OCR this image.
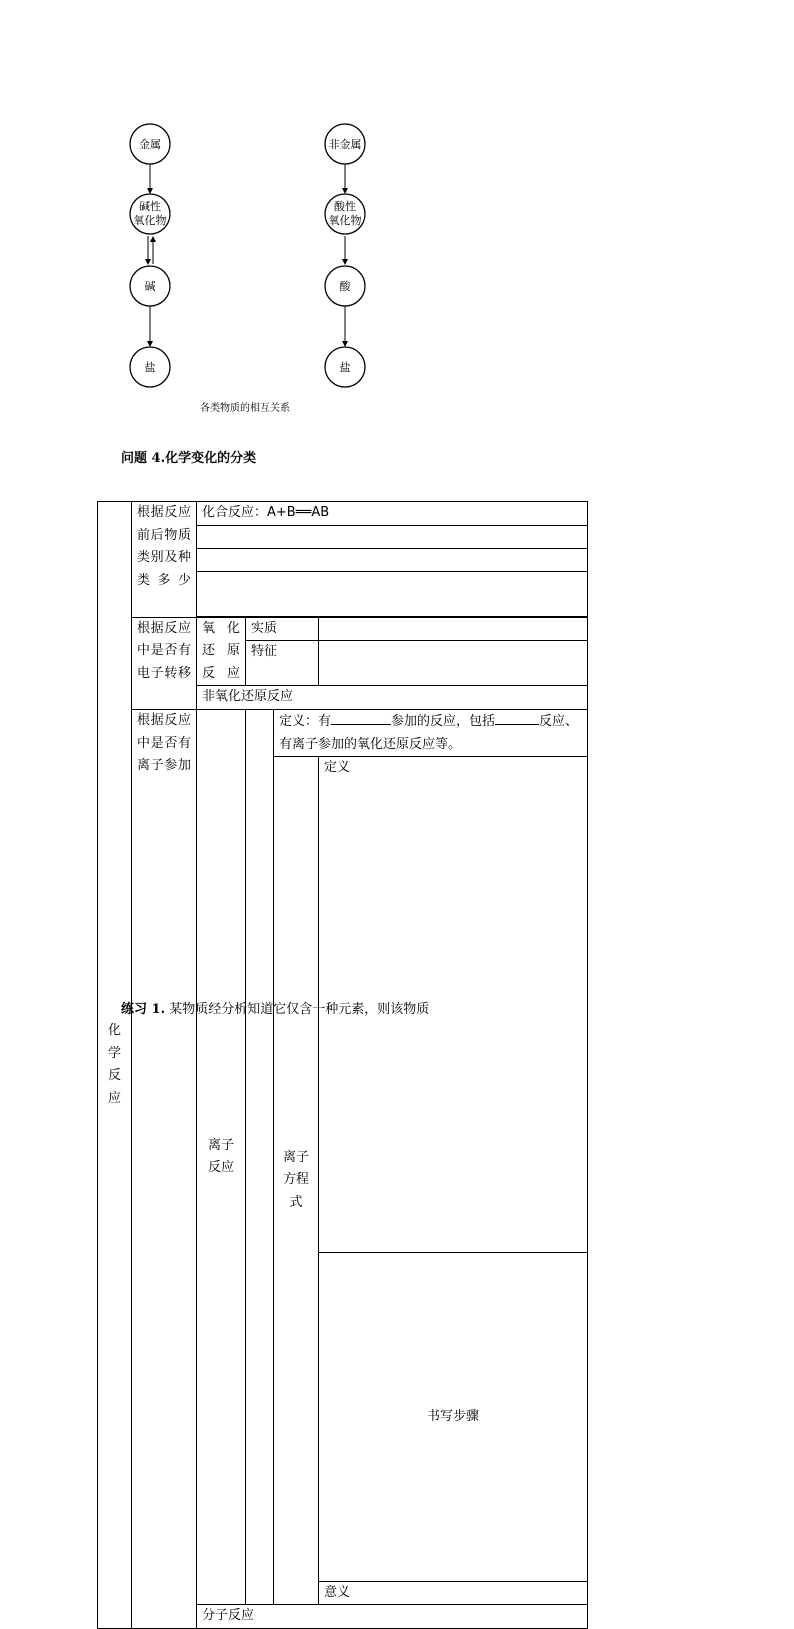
金属
碱性
氧化物
碱
盐
非金属
酸性
氧化物
酸
盐
各类物质的相互关系
问题 4.化学变化的分类
化学反应	根据反应前后物质类别及种类多少	化合反应：A+B══AB				

	根据反应中是否有电子转移	氧化还原反应	实质			
			特征			
		非氧化还原反应				
	根据反应中是否有离子参加	离子反应		定义：有 参加的反应，包括 反应、有离子参加的氧化还原反应等。		
				离子方程式	定义	
					书写步骤	

					意义	
		分子反应				

练习 1. 某物质经分析知道它仅含一种元素，则该物质
